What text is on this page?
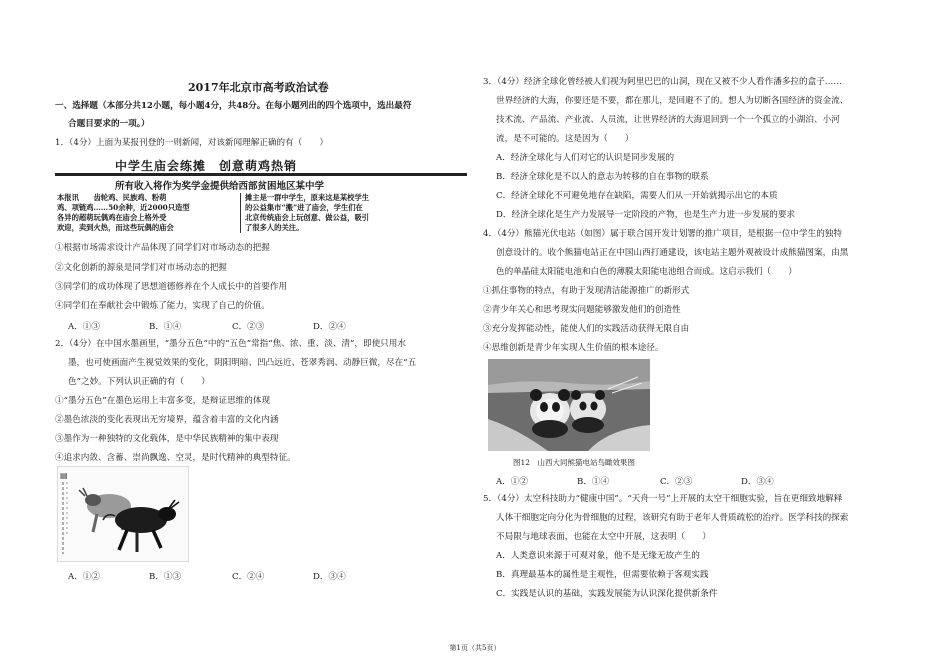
2017年北京市高考政治试卷
一、选择题（本部分共12小题，每小题4分，共48分。在每小题列出的四个选项中，选出最符
合题目要求的一项。）
1．（4分）上面为某报刊登的一则新闻，对该新闻理解正确的有（　　）
中学生庙会练摊　创意萌鸡热销
所有收入将作为奖学金提供给西部贫困地区某中学
本报讯　　齿轮鸡、民族鸡、粉萌
鸡、项链鸡……50余种，近2000只造型
各异的超萌玩偶鸡在庙会上格外受
欢迎，卖到火热，而这些玩偶的庙会
摊主是一群中学生，原来这是某校学生
的公益集市“搬”进了庙会，学生们在
北京传统庙会上玩创意、做公益，吸引
了很多人的关注。
①根据市场需求设计产品体现了同学们对市场动态的把握
②文化创新的源泉是同学们对市场动态的把握
③同学们的成功体现了思想道德修养在个人成长中的首要作用
④同学们在奉献社会中锻炼了能力，实现了自己的价值。
A．①③	B．①④	C．②③	D．②④
2．（4分）在中国水墨画里，“墨分五色”中的“五色”常指“焦、浓、重、淡、清”，即使只用水
墨，也可使画面产生视觉效果的变化，阴阳明暗、凹凸远近、苍翠秀润、动静巨微，尽在“五
色”之妙。下列认识正确的有（　　）
①“墨分五色”在墨色运用上丰富多变，是辩证思维的体现
②墨色浓淡的变化表现出无穷境界，蕴含着丰富的文化内涵
③墨作为一种独特的文化载体，是中华民族精神的集中表现
④追求内敛、含蓄、崇尚飘逸、空灵，是时代精神的典型特征。
▤
A．①②	B．①③	C．②④	D．③④
3．（4分）经济全球化曾经被人们视为阿里巴巴的山洞，现在又被不少人看作潘多拉的盒子……
世界经济的大海，你要还是不要，都在那儿，是回避不了的。想人为切断各国经济的资金流、
技术流、产品流、产业流、人员流，让世界经济的大海退回到一个一个孤立的小湖泊、小河
流，是不可能的。这是因为（　　）
A．经济全球化与人们对它的认识是同步发展的
B．经济全球化是不以人的意志为转移的自在事物的联系
C．经济全球化不可避免地存在缺陷，需要人们从一开始就揭示出它的本质
D．经济全球化是生产力发展导一定阶段的产物，也是生产力进一步发展的要求
4．（4分）熊猫光伏电站（如图）属于联合国开发计划署的推广项目，是根据一位中学生的独特
创意设计的。收个熊猫电站正在中国山西打通建设，该电站主题外观被设计成熊猫图案，由黑
色的单晶硅太阳能电池和白色的薄膜太阳能电池组合而成。这启示我们（　　）
①抓住事物的特点，有助于发现清洁能源推广的新形式
②青少年关心和思考现实问题能够激发他们的创造性
③充分发挥能动性，能使人们的实践活动获得无限自由
④思维创新是青少年实现人生价值的根本途径。
图12　山西大同熊猫电站鸟瞰效果图
A．①②	B．①④	C．②③	D．③④
5．（4分）太空科技助力“健康中国”。“天舟一号”上开展的太空干细胞实验，旨在更细致地解释
人体干细胞定向分化为骨细胞的过程，该研究有助于老年人骨质疏松的治疗。医学科技的探索
不局限与地球表面，也能在太空中开展，这表明（　　）
A．人类意识来源于可观对象，他不是无缘无故产生的
B．真理最基本的属性是主观性，但需要依赖于客观实践
C．实践是认识的基础，实践发展能为认识深化提供新条件
第1页（共5页）
